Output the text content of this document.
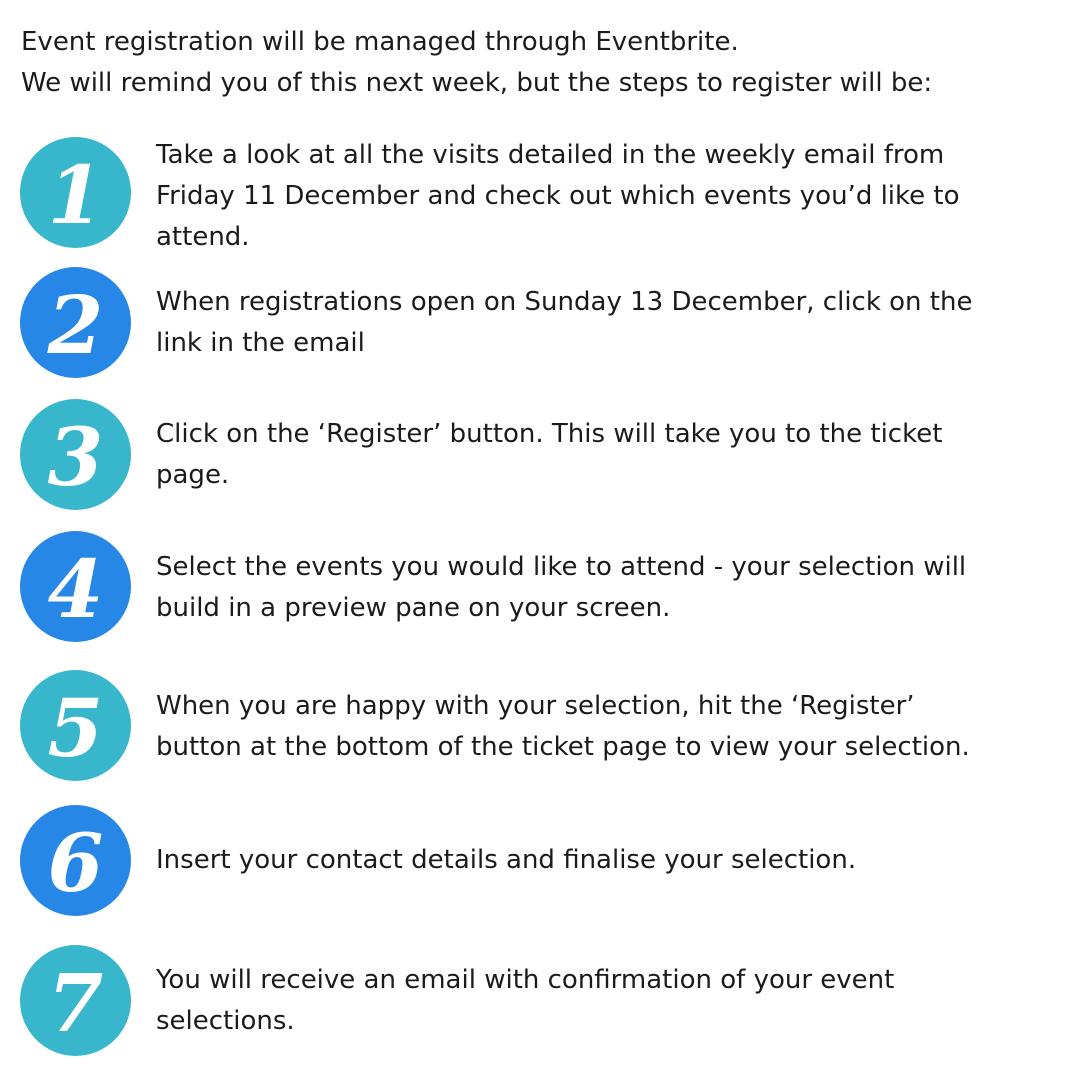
Event registration will be managed through Eventbrite.
We will remind you of this next week, but the steps to register will be:
1 Take a look at all the visits detailed in the weekly email from
Friday 11 December and check out which events you’d like to
attend.
2 When registrations open on Sunday 13 December, click on the
link in the email
3 Click on the ‘Register’ button. This will take you to the ticket
page.
4 Select the events you would like to attend - your selection will
build in a preview pane on your screen.
5 When you are happy with your selection, hit the ‘Register’
button at the bottom of the ticket page to view your selection.
6 Insert your contact details and finalise your selection.
7 You will receive an email with confirmation of your event
selections.
